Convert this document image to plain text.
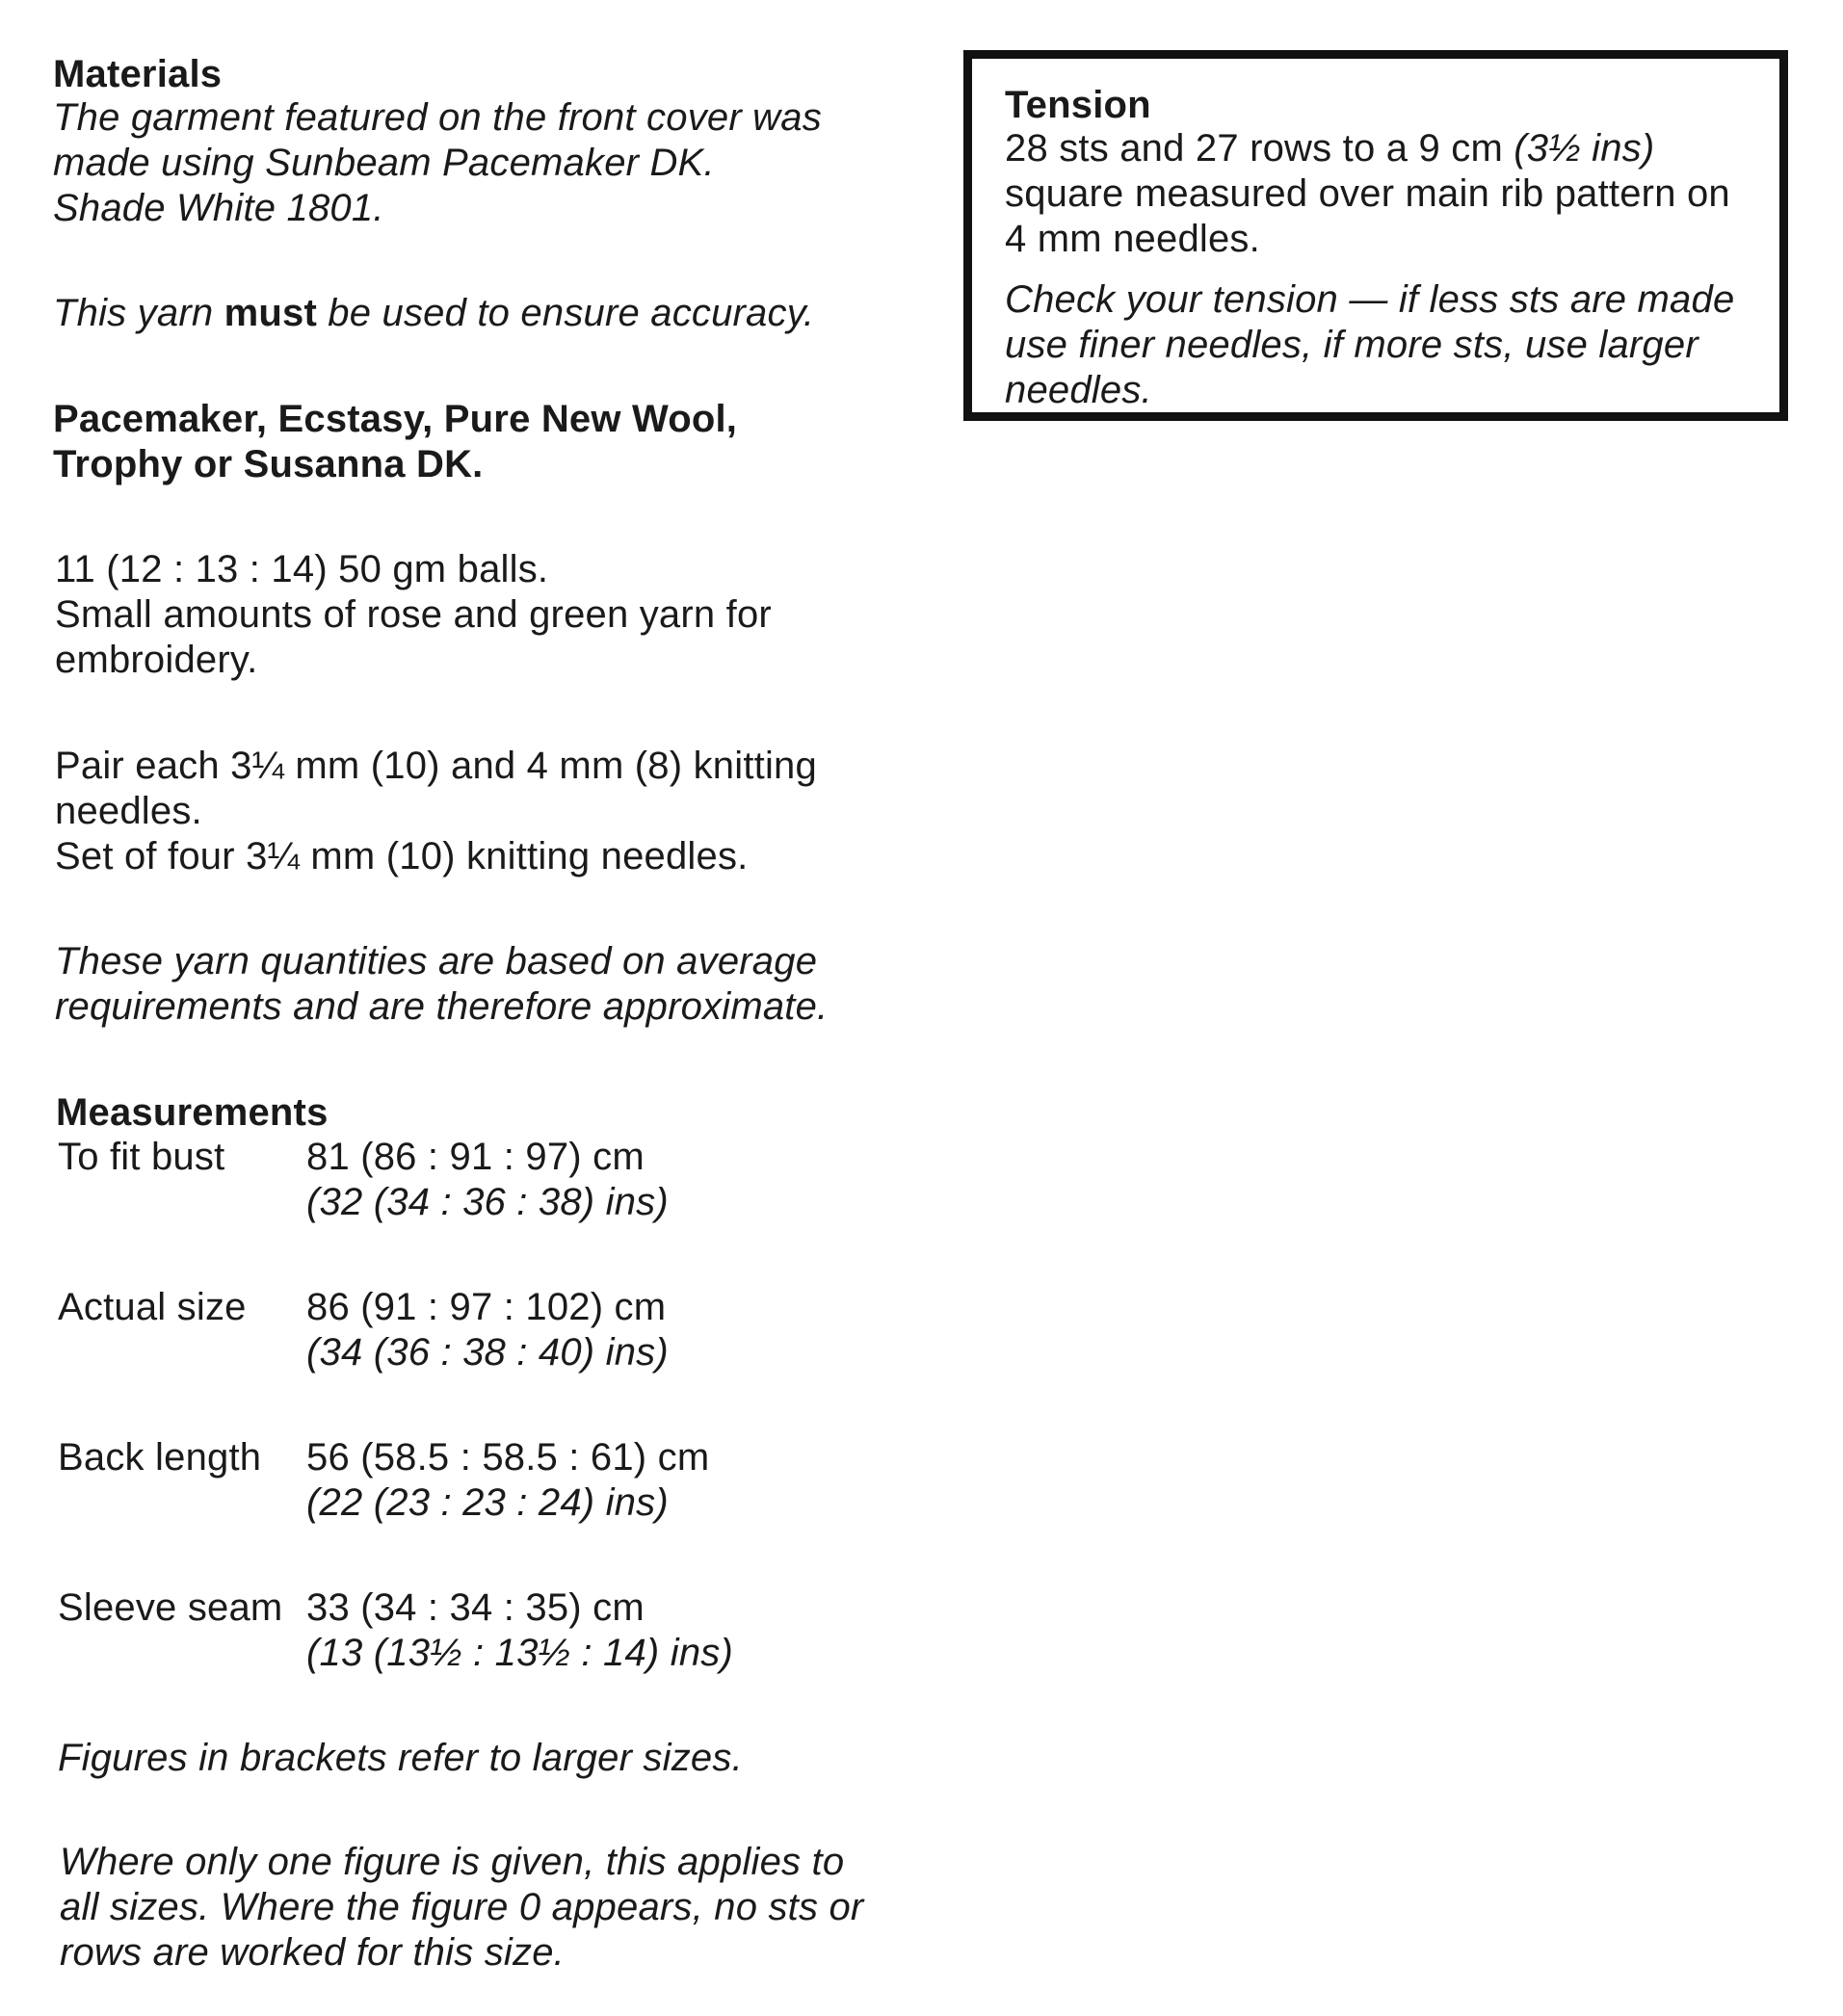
Materials

The garment featured on the front cover was
made using Sunbeam Pacemaker DK.
Shade White 1801.

This yarn must be used to ensure accuracy.

Pacemaker, Ecstasy, Pure New Wool,
Trophy or Susanna DK.

11 (12 : 13 : 14) 50 gm balls.
Small amounts of rose and green yarn for
embroidery.

Pair each 3¼ mm (10) and 4 mm (8) knitting
needles.
Set of four 3¼ mm (10) knitting needles.

These yarn quantities are based on average
requirements and are therefore approximate.

Measurements

To fit bust 81 (86 : 91 : 97) cm

(32 (34 : 36 : 38) ins)

Actual size 86 (91 : 97 : 102) cm

(34 (36 : 38 : 40) ins)

Back length 56 (58.5 : 58.5 : 61) cm

(22 (23 : 23 : 24) ins)

Sleeve seam 33 (34 : 34 : 35) cm

(13 (13½ : 13½ : 14) ins)

Figures in brackets refer to larger sizes.

Where only one figure is given, this applies to
all sizes. Where the figure 0 appears, no sts or
rows are worked for this size.

Tension

28 sts and 27 rows to a 9 cm (3½ ins)

square measured over main rib pattern on
4 mm needles.

Check your tension — if less sts are made
use finer needles, if more sts, use larger
needles.
